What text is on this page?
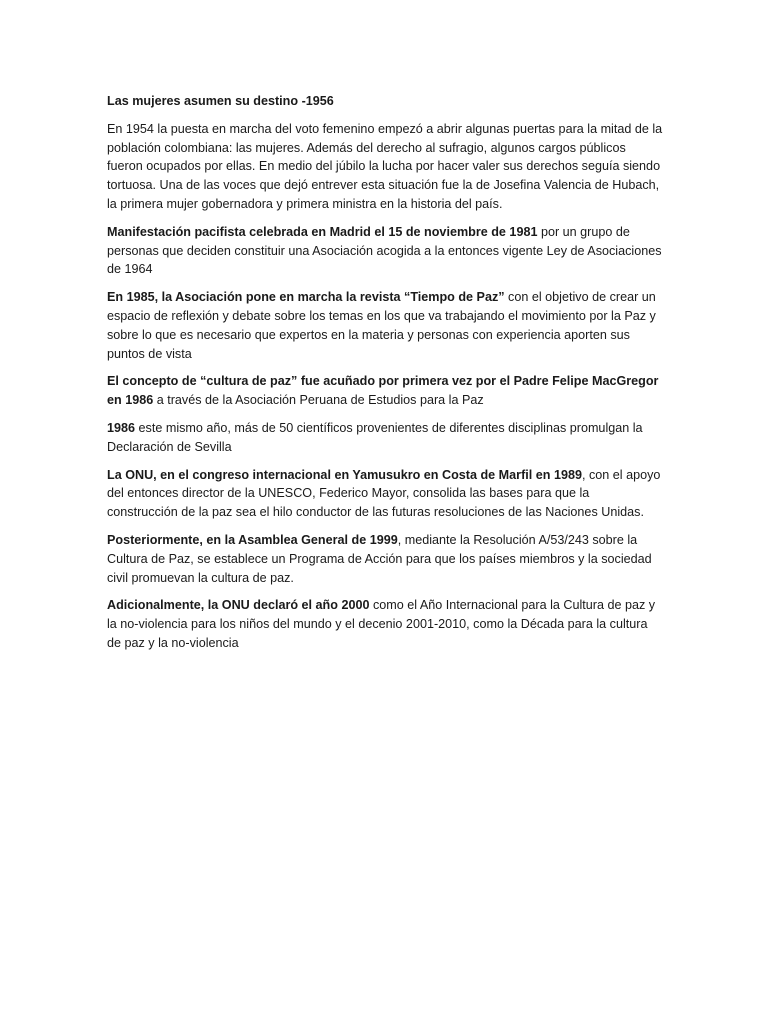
Las mujeres asumen su destino -1956

En 1954 la puesta en marcha del voto femenino empezó a abrir algunas puertas para la mitad de la población colombiana: las mujeres. Además del derecho al sufragio, algunos cargos públicos fueron ocupados por ellas. En medio del júbilo la lucha por hacer valer sus derechos seguía siendo tortuosa. Una de las voces que dejó entrever esta situación fue la de Josefina Valencia de Hubach, la primera mujer gobernadora y primera ministra en la historia del país.

Manifestación pacifista celebrada en Madrid el 15 de noviembre de 1981 por un grupo de personas que deciden constituir una Asociación acogida a la entonces vigente Ley de Asociaciones de 1964

En 1985, la Asociación pone en marcha la revista “Tiempo de Paz” con el objetivo de crear un espacio de reflexión y debate sobre los temas en los que va trabajando el movimiento por la Paz y sobre lo que es necesario que expertos en la materia y personas con experiencia aporten sus puntos de vista

El concepto de “cultura de paz” fue acuñado por primera vez por el Padre Felipe MacGregor en 1986 a través de la Asociación Peruana de Estudios para la Paz

1986 este mismo año, más de 50 científicos provenientes de diferentes disciplinas promulgan la Declaración de Sevilla

La ONU, en el congreso internacional en Yamusukro en Costa de Marfil en 1989, con el apoyo del entonces director de la UNESCO, Federico Mayor, consolida las bases para que la construcción de la paz sea el hilo conductor de las futuras resoluciones de las Naciones Unidas.

Posteriormente, en la Asamblea General de 1999, mediante la Resolución A/53/243 sobre la Cultura de Paz, se establece un Programa de Acción para que los países miembros y la sociedad civil promuevan la cultura de paz.

Adicionalmente, la ONU declaró el año 2000 como el Año Internacional para la Cultura de paz y la no-violencia para los niños del mundo y el decenio 2001-2010, como la Década para la cultura de paz y la no-violencia
